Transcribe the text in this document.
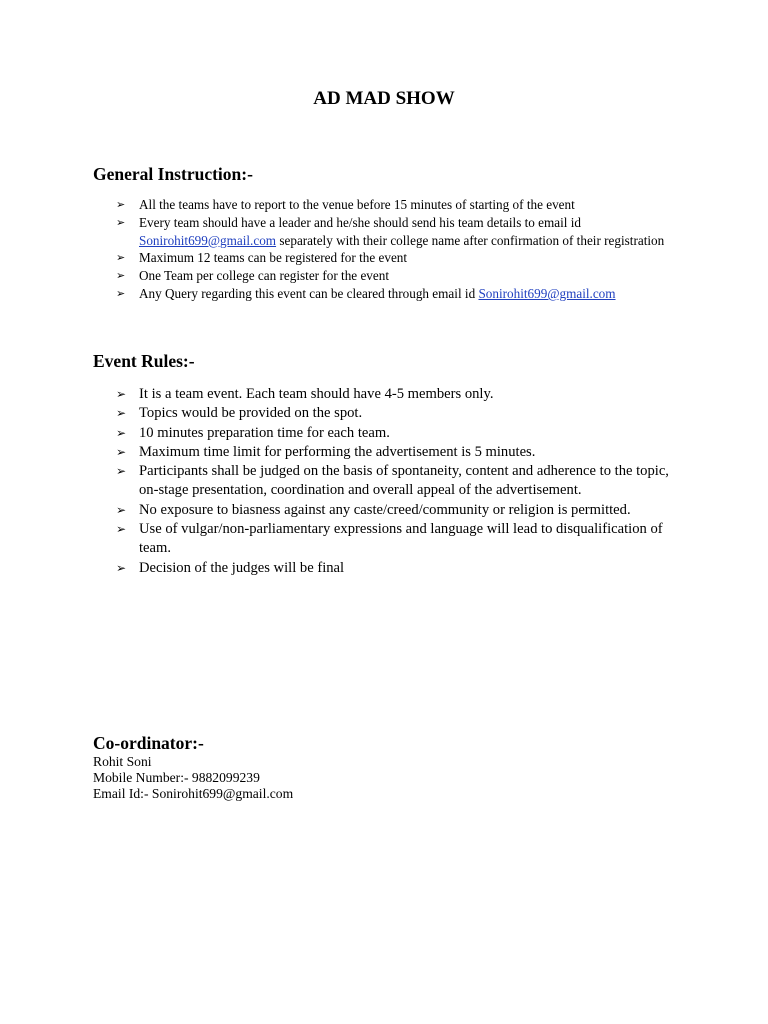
AD MAD SHOW
General Instruction:-
➢ All the teams have to report to the venue before 15 minutes of starting of the event
➢ Every team should have a leader and he/she should send his team details to email id Sonirohit699@gmail.com separately with their college name after confirmation of their registration
➢ Maximum 12 teams can be registered for the event
➢ One Team per college can register for the event
➢ Any Query regarding this event can be cleared through email id Sonirohit699@gmail.com
Event Rules:-
➢ It is a team event. Each team should have 4-5 members only.
➢ Topics would be provided on the spot.
➢ 10 minutes preparation time for each team.
➢ Maximum time limit for performing the advertisement is 5 minutes.
➢ Participants shall be judged on the basis of spontaneity, content and adherence to the topic, on-stage presentation, coordination and overall appeal of the advertisement.
➢ No exposure to biasness against any caste/creed/community or religion is permitted.
➢ Use of vulgar/non-parliamentary expressions and language will lead to disqualification of team.
➢ Decision of the judges will be final
Co-ordinator:-
Rohit Soni
Mobile Number:- 9882099239
Email Id:- Sonirohit699@gmail.com
